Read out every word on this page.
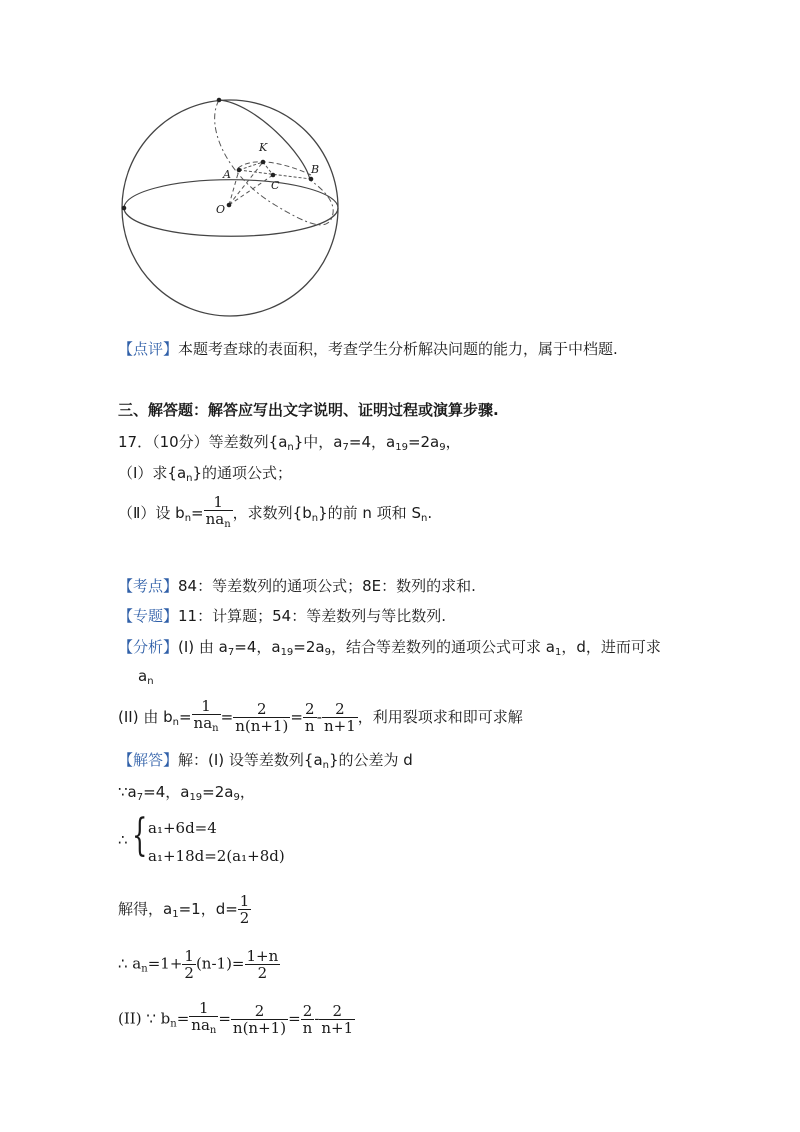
O
A
K
C
B
【点评】本题考查球的表面积，考查学生分析解决问题的能力，属于中档题.
三、解答题：解答应写出文字说明、证明过程或演算步骤.
17．（10分）等差数列$\{a_n\}$中，$a_7=4$，$a_{19}=2a_9$，
（Ⅰ）求$\{a_n\}$的通项公式；
（Ⅱ）设 $b_n= \frac{1}{na_n}$ ，求数列$\{b_n\}$的前 n 项和 $S_n$.
【考点】84：等差数列的通项公式；8E：数列的求和.
【专题】11：计算题；54：等差数列与等比数列.
【分析】(I) 由 $a_7=4$，$a_{19}=2a_9$，结合等差数列的通项公式可求 $a_1$，d，进而可求
$a_n$
(II) 由 $b_n= \frac{1}{na_n} = \frac{2}{n(n+1)} = \frac{2}{n} - \frac{2}{n+1}$ ，利用裂项求和即可求解
【解答】解：(I) 设等差数列$\{a_n\}$的公差为 d
$\because a_7=4$，$a_{19}=2a_9$，
∴ { a₁+6d=4
a₁+18d=2(a₁+8d)
解得，$a_1=1$，$d= \frac{1}{2}$
∴ $a_n=1+ \frac{1}{2} (n-1)= \frac{1+n}{2}$
(II) ∵ $b_n= \frac{1}{na_n} = \frac{2}{n(n+1)} = \frac{2}{n} - \frac{2}{n+1}$
